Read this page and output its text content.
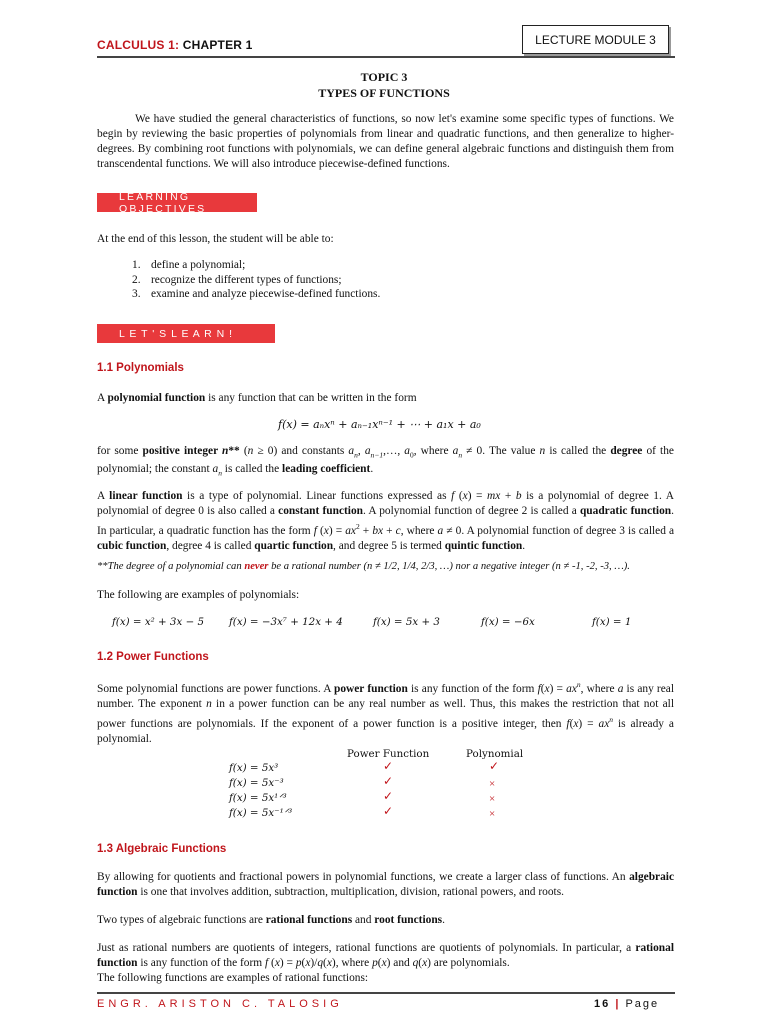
CALCULUS 1: CHAPTER 1	LECTURE MODULE 3
TOPIC 3
TYPES OF FUNCTIONS
We have studied the general characteristics of functions, so now let's examine some specific types of functions. We begin by reviewing the basic properties of polynomials from linear and quadratic functions, and then generalize to higher-degrees. By combining root functions with polynomials, we can define general algebraic functions and distinguish them from transcendental functions. We will also introduce piecewise-defined functions.
LEARNING OBJECTIVES
At the end of this lesson, the student will be able to:
1. define a polynomial;
2. recognize the different types of functions;
3. examine and analyze piecewise-defined functions.
L E T ' S L E A R N !
1.1 Polynomials
A polynomial function is any function that can be written in the form
f(x) = aₙxⁿ + aₙ₋₁xⁿ⁻¹ + ⋯ + a₁x + a₀
for some positive integer n** (n ≥ 0) and constants $a_n$, $a_{n-1},\dots$, $a_0$, where $a_n \ne 0$. The value n is called the degree of the polynomial; the constant $a_n$ is called the leading coefficient.
A linear function is a type of polynomial. Linear functions expressed as f (x) = mx + b is a polynomial of degree 1. A polynomial of degree 0 is also called a constant function. A polynomial function of degree 2 is called a quadratic function. In particular, a quadratic function has the form f $(x) = ax^2$ + bx + c, where a ≠ 0. A polynomial function of degree 3 is called a cubic function, degree 4 is called quartic function, and degree 5 is termed quintic function.
**The degree of a polynomial can never be a rational number (n ≠ 1/2, 1/4, 2/3, …) nor a negative integer (n ≠ -1, -2, -3, …).
The following are examples of polynomials:
f(x) = x² + 3x − 5 f(x) = −3x⁷ + 12x + 4	f(x) = 5x + 3	f(x) = −6x	f(x) = 1
1.2 Power Functions
Some polynomial functions are power functions. A power function is any function of the form $f(x) = ax^n$, where a is any real number. The exponent n in a power function can be any real number as well. Thus, this makes the restriction that not all power functions are polynomials. If the exponent of a power function is a positive integer, then $f(x) = ax^n$ is already a polynomial.
Power Function	Polynomial
f(x) = 5x³	✓	✓
f(x) = 5x⁻³	✓	×
f(x) = 5x¹ᐟ³	✓	×
f(x) = 5x⁻¹ᐟ³	✓	×
1.3 Algebraic Functions
By allowing for quotients and fractional powers in polynomial functions, we create a larger class of functions. An algebraic function is one that involves addition, subtraction, multiplication, division, rational powers, and roots.
Two types of algebraic functions are rational functions and root functions.
Just as rational numbers are quotients of integers, rational functions are quotients of polynomials. In particular, a rational function is any function of the form f (x) = p(x)/q(x), where p(x) and q(x) are polynomials.
The following functions are examples of rational functions:
ENGR. ARISTON C. TALOSIG	16 | Page
